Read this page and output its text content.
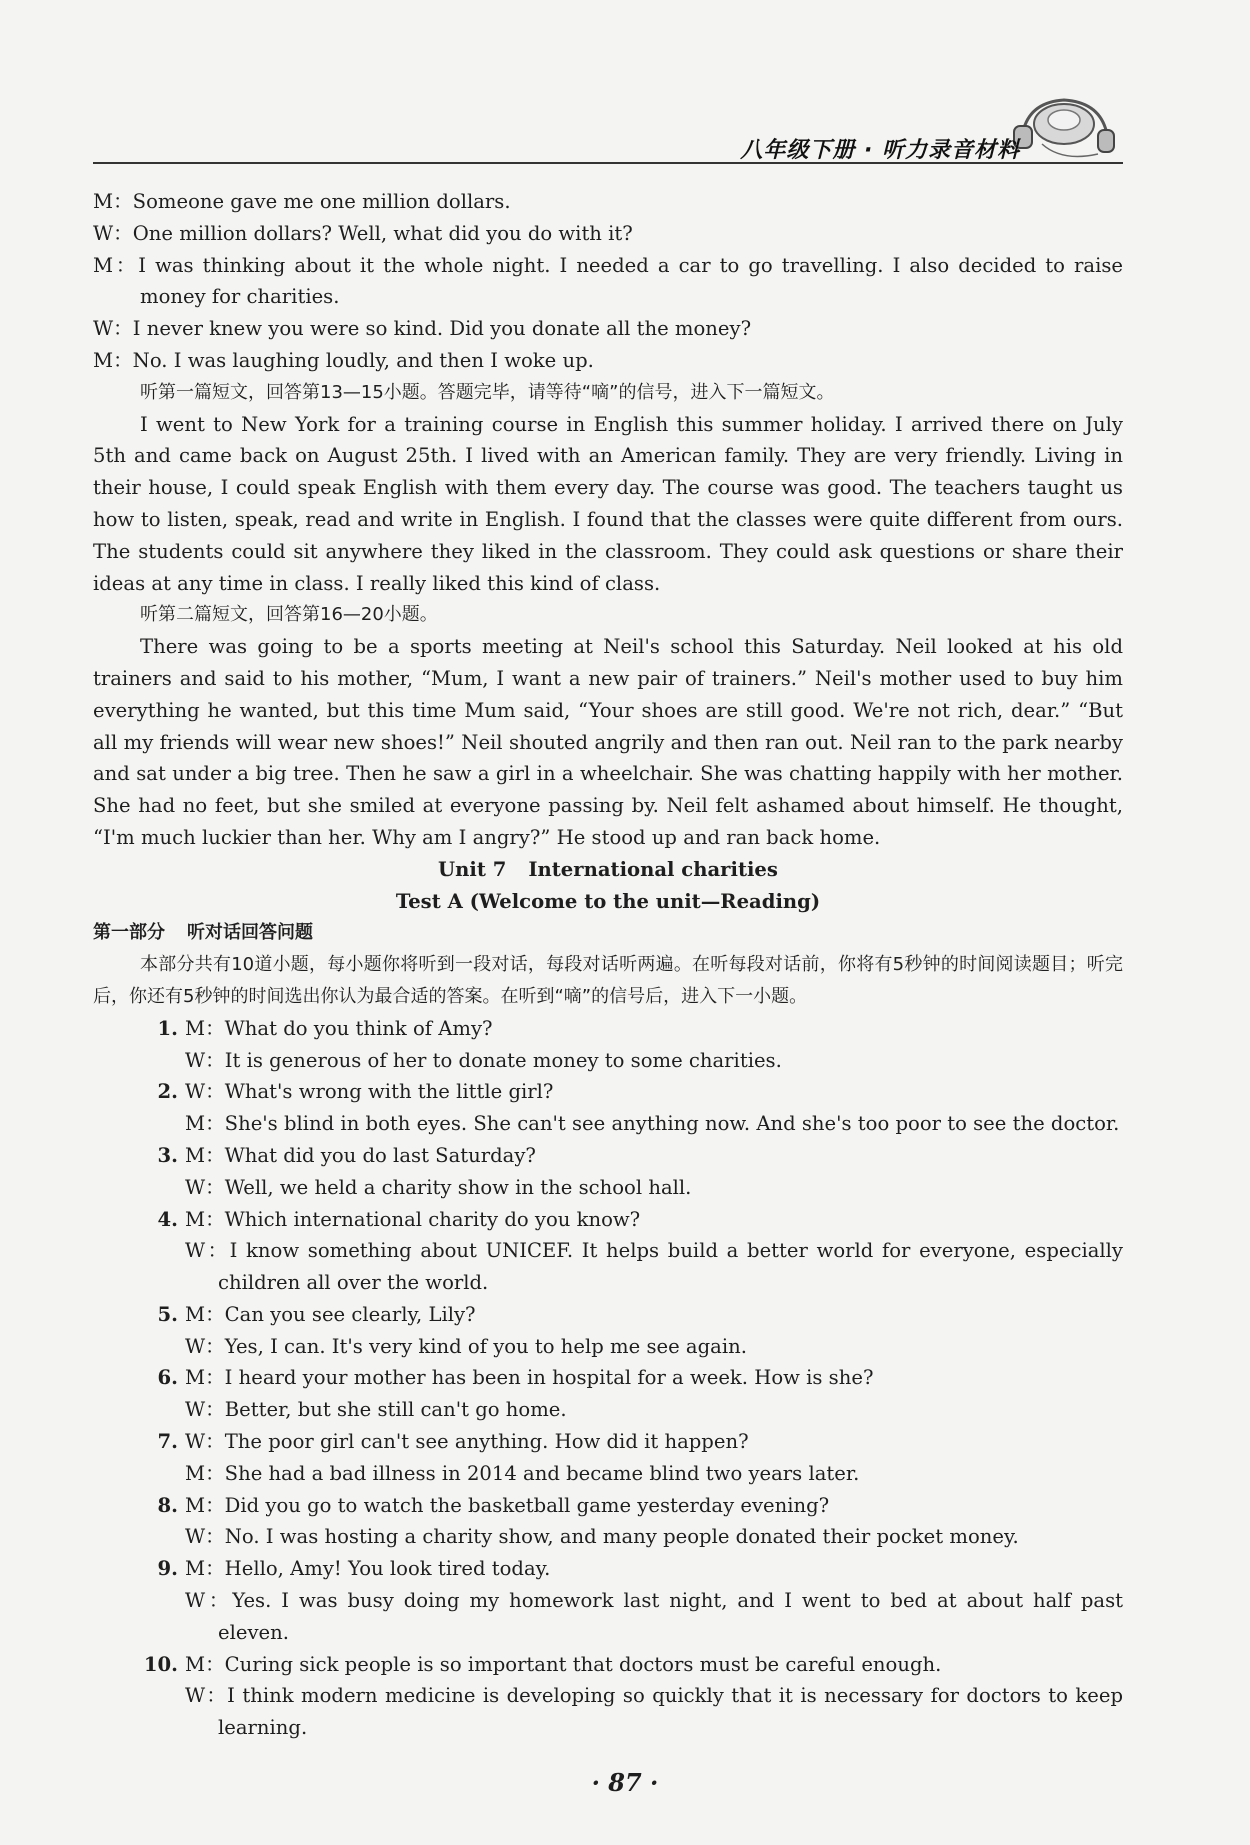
八年级下册 · 听力录音材料

M：Someone gave me one million dollars.

W：One million dollars? Well, what did you do with it?

M：I was thinking about it the whole night. I needed a car to go travelling. I also decided to raise money for charities.

W：I never knew you were so kind. Did you donate all the money?

M：No. I was laughing loudly, and then I woke up.

听第一篇短文，回答第13—15小题。答题完毕，请等待“嘀”的信号，进入下一篇短文。

I went to New York for a training course in English this summer holiday. I arrived there on July 5th and came back on August 25th. I lived with an American family. They are very friendly. Living in their house, I could speak English with them every day. The course was good. The teachers taught us how to listen, speak, read and write in English. I found that the classes were quite different from ours. The students could sit anywhere they liked in the classroom. They could ask questions or share their ideas at any time in class. I really liked this kind of class.

听第二篇短文，回答第16—20小题。

There was going to be a sports meeting at Neil's school this Saturday. Neil looked at his old trainers and said to his mother, “Mum, I want a new pair of trainers.” Neil's mother used to buy him everything he wanted, but this time Mum said, “Your shoes are still good. We're not rich, dear.” “But all my friends will wear new shoes!” Neil shouted angrily and then ran out. Neil ran to the park nearby and sat under a big tree. Then he saw a girl in a wheelchair. She was chatting happily with her mother. She had no feet, but she smiled at everyone passing by. Neil felt ashamed about himself. He thought, “I'm much luckier than her. Why am I angry?” He stood up and ran back home.

Unit 7 International charities

Test A (Welcome to the unit—Reading)

第一部分 听对话回答问题

本部分共有10道小题，每小题你将听到一段对话，每段对话听两遍。在听每段对话前，你将有5秒钟的时间阅读题目；听完后，你还有5秒钟的时间选出你认为最合适的答案。在听到“嘀”的信号后，进入下一小题。

1. M：What do you think of Amy?

W：It is generous of her to donate money to some charities.

2. W：What's wrong with the little girl?

M：She's blind in both eyes. She can't see anything now. And she's too poor to see the doctor.

3. M：What did you do last Saturday?

W：Well, we held a charity show in the school hall.

4. M：Which international charity do you know?

W：I know something about UNICEF. It helps build a better world for everyone, especially children all over the world.

5. M：Can you see clearly, Lily?

W：Yes, I can. It's very kind of you to help me see again.

6. M：I heard your mother has been in hospital for a week. How is she?

W：Better, but she still can't go home.

7. W：The poor girl can't see anything. How did it happen?

M：She had a bad illness in 2014 and became blind two years later.

8. M：Did you go to watch the basketball game yesterday evening?

W：No. I was hosting a charity show, and many people donated their pocket money.

9. M：Hello, Amy! You look tired today.

W：Yes. I was busy doing my homework last night, and I went to bed at about half past eleven.

10. M：Curing sick people is so important that doctors must be careful enough.

W：I think modern medicine is developing so quickly that it is necessary for doctors to keep learning.

· 87 ·
